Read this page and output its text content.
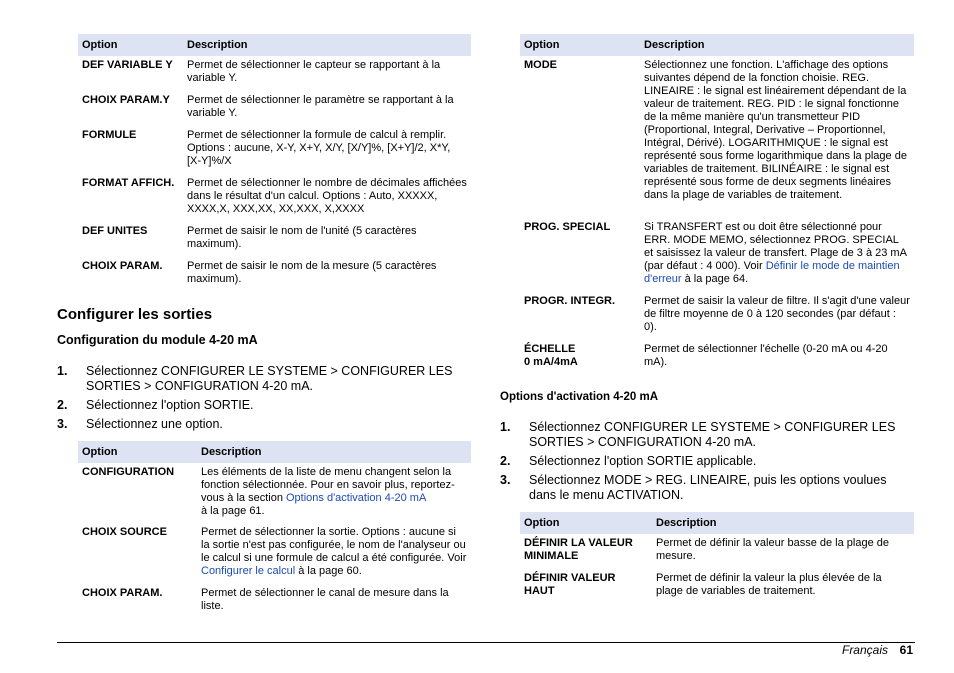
Option	Description
DEF VARIABLE Y	Permet de sélectionner le capteur se rapportant à la variable Y.
CHOIX PARAM.Y	Permet de sélectionner le paramètre se rapportant à la variable Y.
FORMULE	Permet de sélectionner la formule de calcul à remplir. Options : aucune, X-Y, X+Y, X/Y, [X/Y]%, [X+Y]/2, X*Y, [X-Y]%/X
FORMAT AFFICH.	Permet de sélectionner le nombre de décimales affichées dans le résultat d'un calcul. Options : Auto, XXXXX, XXXX,X, XXX,XX, XX,XXX, X,XXXX
DEF UNITES	Permet de saisir le nom de l'unité (5 caractères maximum).
CHOIX PARAM.	Permet de saisir le nom de la mesure (5 caractères maximum).
Configurer les sorties
Configuration du module 4-20 mA
1. Sélectionnez CONFIGURER LE SYSTEME > CONFIGURER LES SORTIES > CONFIGURATION 4-20 mA.
2. Sélectionnez l'option SORTIE.
3. Sélectionnez une option.
Option	Description
CONFIGURATION	Les éléments de la liste de menu changent selon la fonction sélectionnée. Pour en savoir plus, reportez-vous à la section Options d'activation 4-20 mA
à la page 61.
CHOIX SOURCE	Permet de sélectionner la sortie. Options : aucune si la sortie n'est pas configurée, le nom de l'analyseur ou le calcul si une formule de calcul a été configurée. Voir Configurer le calcul à la page 60.
CHOIX PARAM.	Permet de sélectionner le canal de mesure dans la liste.
Option	Description
MODE	Sélectionnez une fonction. L'affichage des options suivantes dépend de la fonction choisie. REG. LINEAIRE : le signal est linéairement dépendant de la valeur de traitement. REG. PID : le signal fonctionne de la même manière qu'un transmetteur PID (Proportional, Integral, Derivative – Proportionnel, Intégral, Dérivé). LOGARITHMIQUE : le signal est représenté sous forme logarithmique dans la plage de variables de traitement. BILINÉAIRE : le signal est représenté sous forme de deux segments linéaires dans la plage de variables de traitement.
PROG. SPECIAL	Si TRANSFERT est ou doit être sélectionné pour ERR. MODE MEMO, sélectionnez PROG. SPECIAL et saisissez la valeur de transfert. Plage de 3 à 23 mA (par défaut : 4 000). Voir Définir le mode de maintien d'erreur à la page 64.
PROGR. INTEGR.	Permet de saisir la valeur de filtre. Il s'agit d'une valeur de filtre moyenne de 0 à 120 secondes (par défaut : 0).
ÉCHELLE 0 mA/4mA	Permet de sélectionner l'échelle (0-20 mA ou 4-20 mA).
Options d'activation 4-20 mA
1. Sélectionnez CONFIGURER LE SYSTEME > CONFIGURER LES SORTIES > CONFIGURATION 4-20 mA.
2. Sélectionnez l'option SORTIE applicable.
3. Sélectionnez MODE > REG. LINEAIRE, puis les options voulues dans le menu ACTIVATION.
Option	Description
DÉFINIR LA VALEUR MINIMALE	Permet de définir la valeur basse de la plage de mesure.
DÉFINIR VALEUR HAUT	Permet de définir la valeur la plus élevée de la plage de variables de traitement.
Français 61
